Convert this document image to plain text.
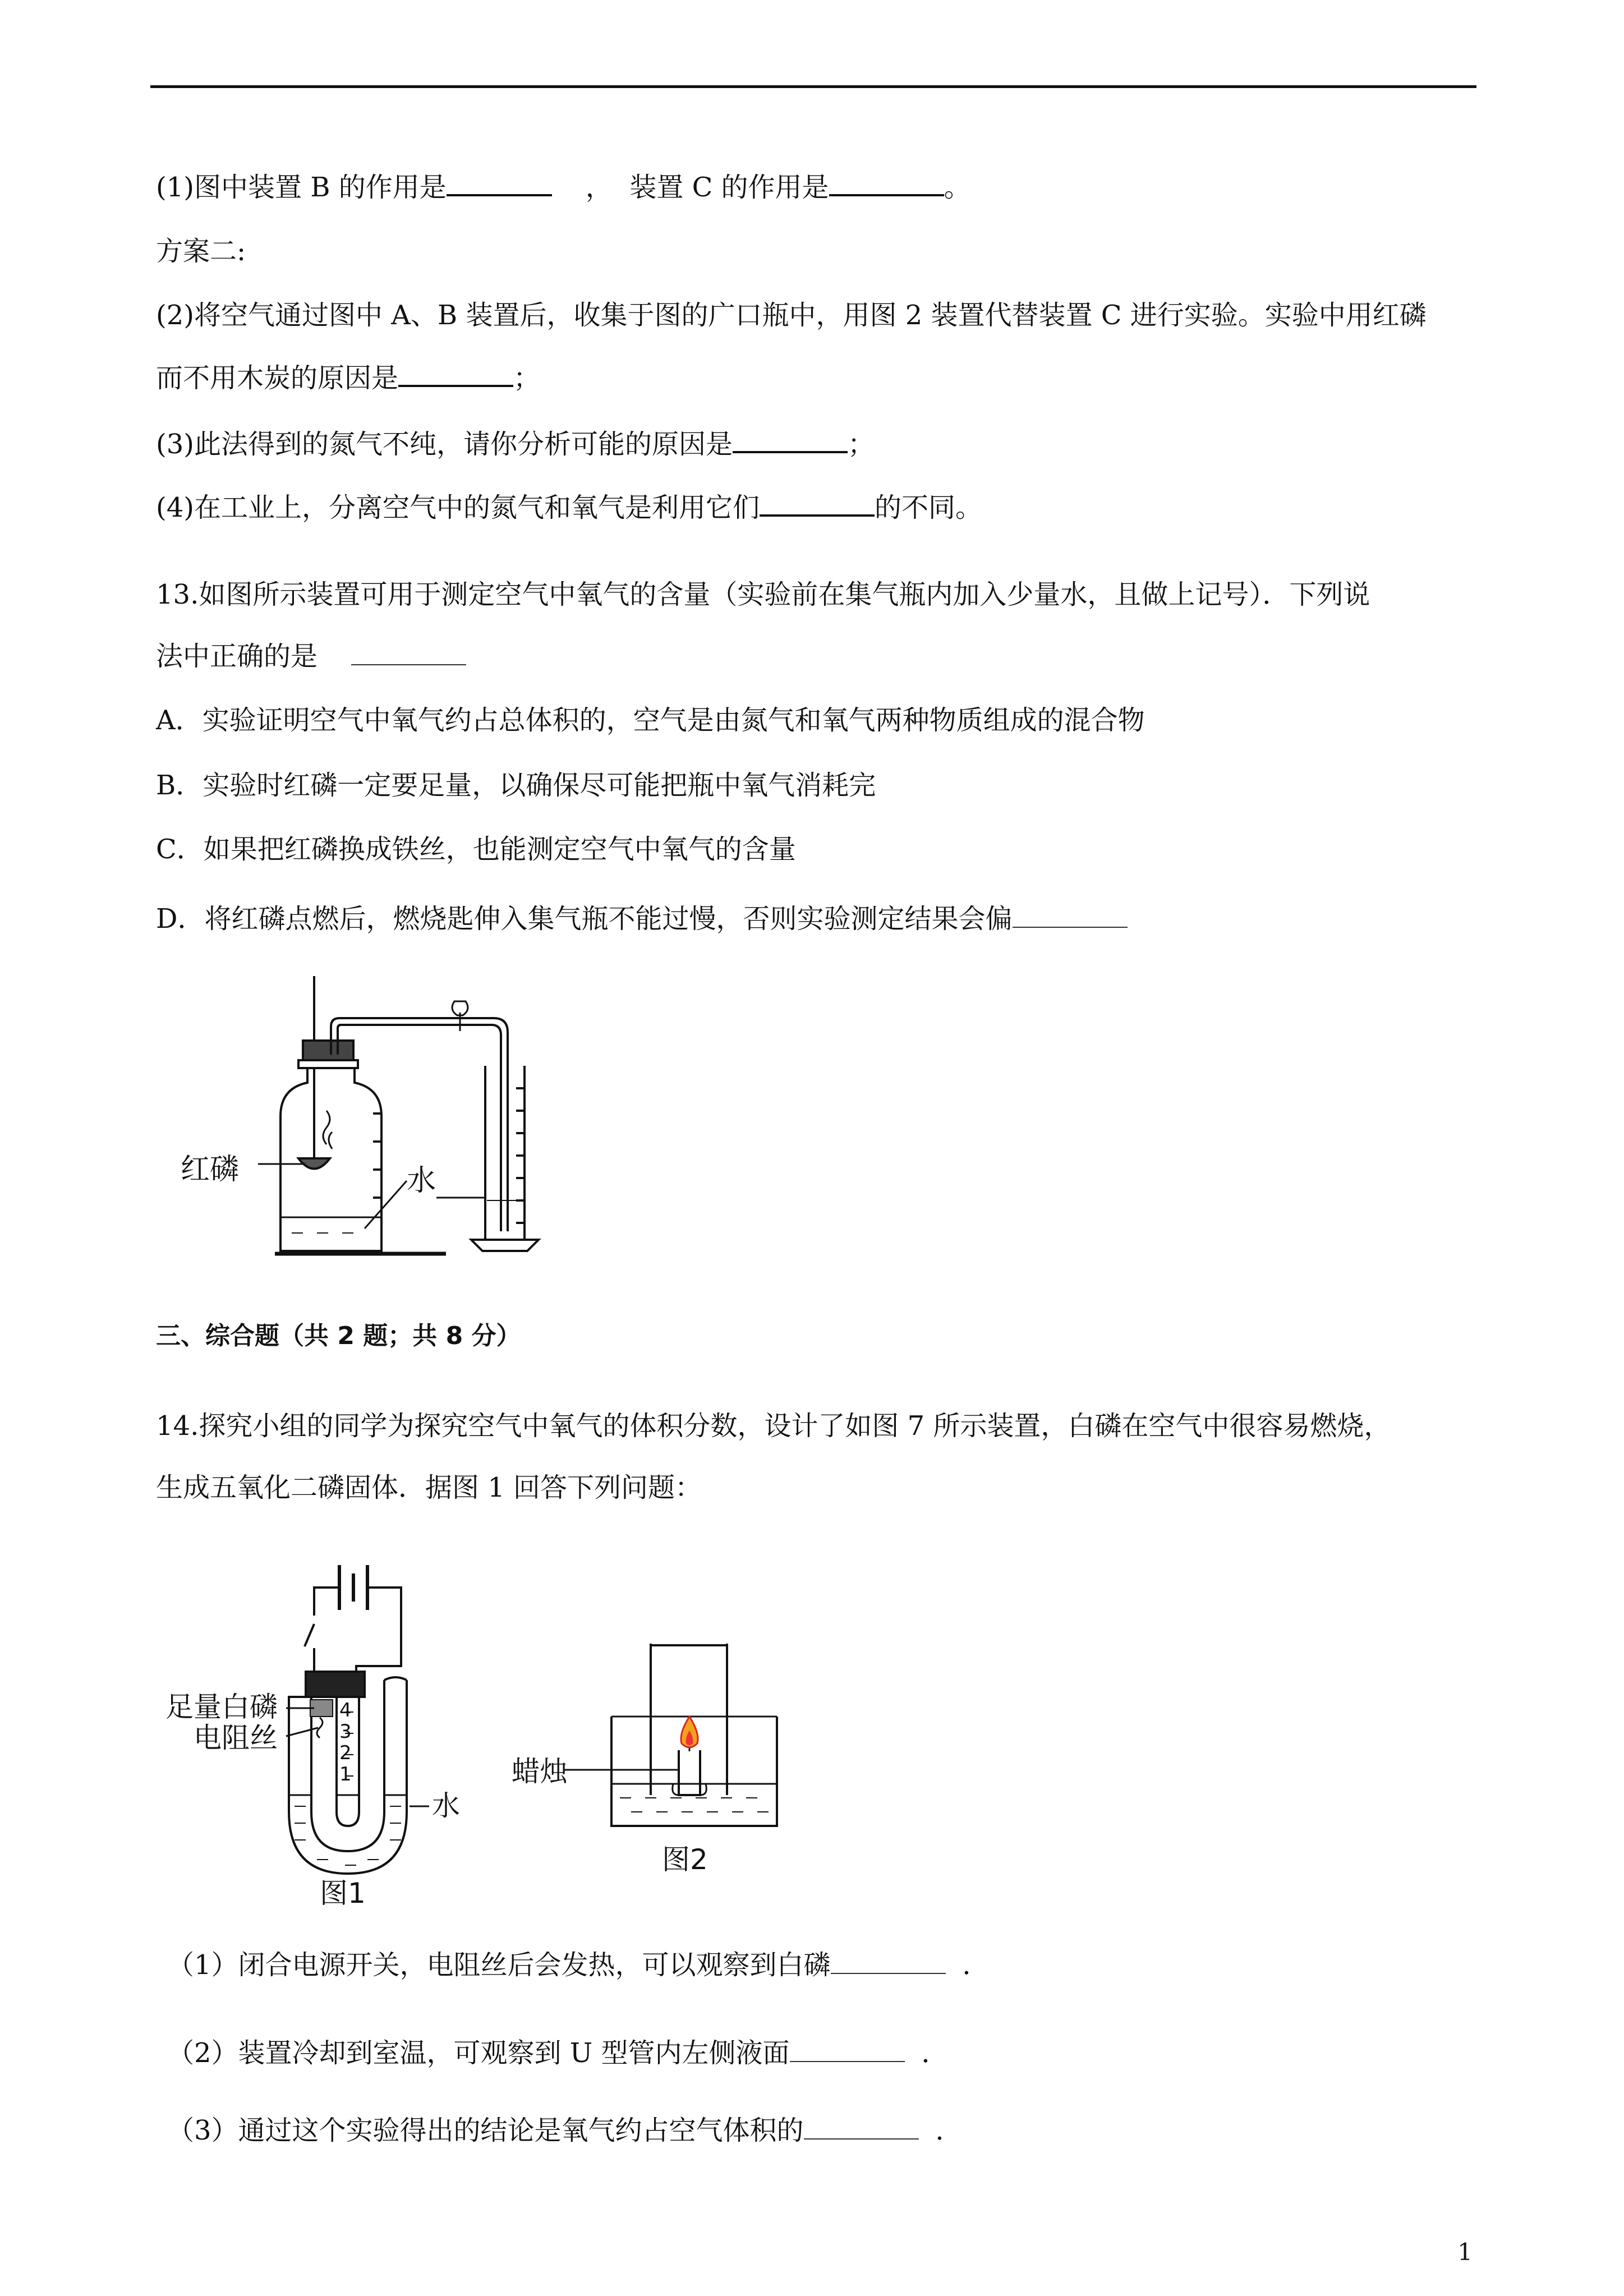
(1)图中装置 B 的作用是	，  装置 C 的作用是	。
方案二:
(2)将空气通过图中 A、B 装置后，收集于图的广口瓶中，用图 2 装置代替装置 C 进行实验。实验中用红磷
而不用木炭的原因是	；
(3)此法得到的氮气不纯，请你分析可能的原因是	；
(4)在工业上，分离空气中的氮气和氧气是利用它们	的不同。
13.如图所示装置可用于测定空气中氧气的含量（实验前在集气瓶内加入少量水，且做上记号）．下列说
法中正确的是
A．实验证明空气中氧气约占总体积的，空气是由氮气和氧气两种物质组成的混合物
B．实验时红磷一定要足量，以确保尽可能把瓶中氧气消耗完
C．如果把红磷换成铁丝，也能测定空气中氧气的含量
D．将红磷点燃后，燃烧匙伸入集气瓶不能过慢，否则实验测定结果会偏
红磷	水
三、综合题（共 2 题；共 8 分）
14.探究小组的同学为探究空气中氧气的体积分数，设计了如图 7 所示装置，白磷在空气中很容易燃烧，
生成五氧化二磷固体．据图 1 回答下列问题：
4
3
2
1
足量白磷
电阻丝
水
图1
蜡烛
图2
（1）闭合电源开关，电阻丝后会发热，可以观察到白磷	．
（2）装置冷却到室温，可观察到 U 型管内左侧液面	．
（3）通过这个实验得出的结论是氧气约占空气体积的	．
1
